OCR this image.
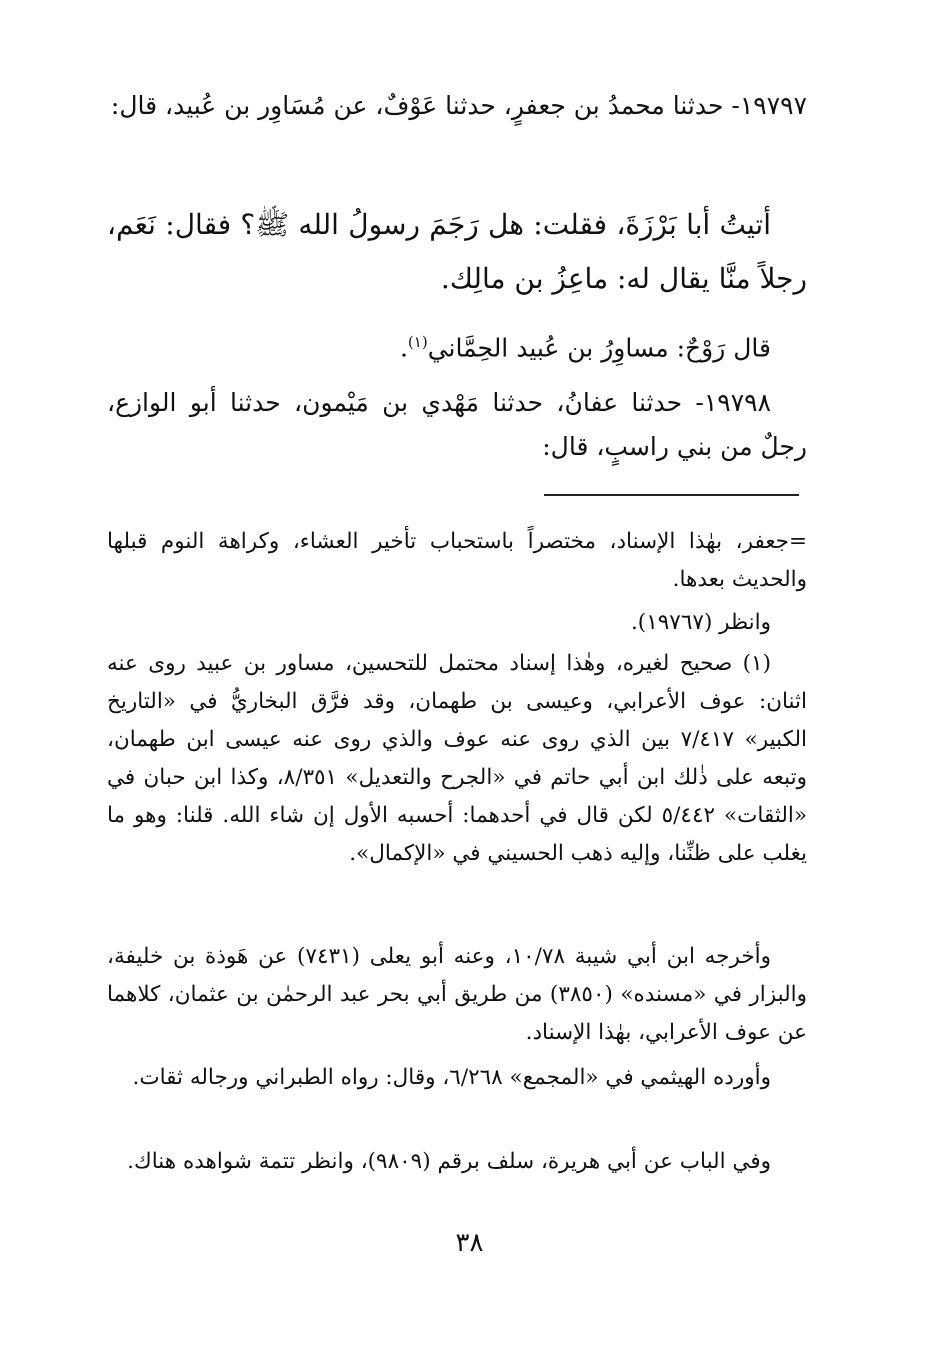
١٩٧٩٧- حدثنا محمدُ بن جعفرٍ، حدثنا عَوْفٌ، عن مُسَاوِر بن عُبيد، قال:

أتيتُ أبا بَرْزَةَ، فقلت: هل رَجَمَ رسولُ الله ﷺ؟ فقال: نَعَم، رجلاً منَّا يقال له: ماعِزُ بن مالِك.

قال رَوْحٌ: مساوِرُ بن عُبيد الحِمَّاني$^{(١)}$.

١٩٧٩٨- حدثنا عفانُ، حدثنا مَهْدي بن مَيْمون، حدثنا أبو الوازع، رجلٌ من بني راسبٍ، قال:

=جعفر، بهٰذا الإسناد، مختصراً باستحباب تأخير العشاء، وكراهة النوم قبلها والحديث بعدها.

وانظر (١٩٧٦٧).

(١) صحيح لغيره، وهٰذا إسناد محتمل للتحسين، مساور بن عبيد روى عنه اثنان: عوف الأعرابي، وعيسى بن طهمان، وقد فرَّق البخاريُّ في «التاريخ الكبير» ٧/٤١٧ بين الذي روى عنه عوف والذي روى عنه عيسى ابن طهمان، وتبعه على ذٰلك ابن أبي حاتم في «الجرح والتعديل» ٨/٣٥١، وكذا ابن حبان في «الثقات» ٥/٤٤٢ لكن قال في أحدهما: أحسبه الأول إن شاء الله. قلنا: وهو ما يغلب على ظنِّنا، وإليه ذهب الحسيني في «الإكمال».

وأخرجه ابن أبي شيبة ١٠/٧٨، وعنه أبو يعلى (٧٤٣١) عن هَوذة بن خليفة، والبزار في «مسنده» (٣٨٥٠) من طريق أبي بحر عبد الرحمٰن بن عثمان، كلاهما عن عوف الأعرابي، بهٰذا الإسناد.

وأورده الهيثمي في «المجمع» ٦/٢٦٨، وقال: رواه الطبراني ورجاله ثقات.

وفي الباب عن أبي هريرة، سلف برقم (٩٨٠٩)، وانظر تتمة شواهده هناك.

٣٨
